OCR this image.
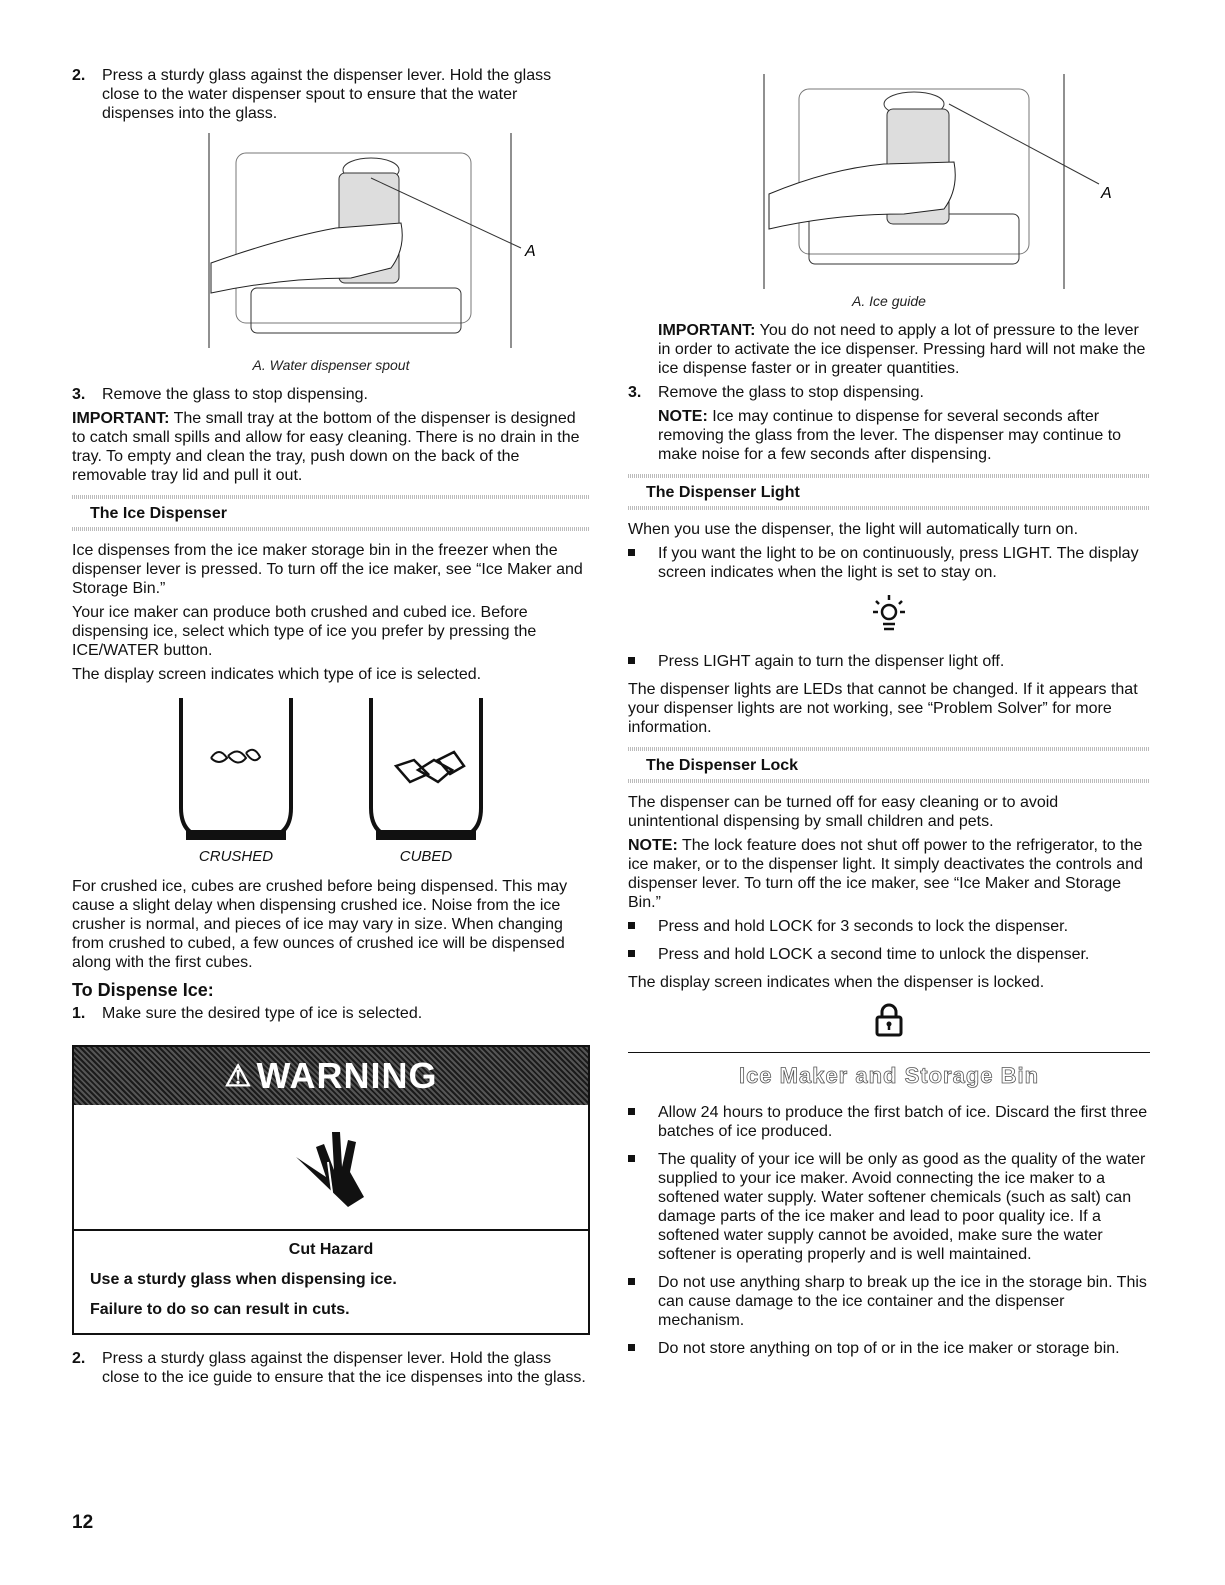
2.	Press a sturdy glass against the dispenser lever. Hold the glass close to the water dispenser spout to ensure that the water dispenses into the glass.
A
A. Water dispenser spout
3.	Remove the glass to stop dispensing.

IMPORTANT: The small tray at the bottom of the dispenser is designed to catch small spills and allow for easy cleaning. There is no drain in the tray. To empty and clean the tray, push down on the back of the removable tray lid and pull it out.

The Ice Dispenser

Ice dispenses from the ice maker storage bin in the freezer when the dispenser lever is pressed. To turn off the ice maker, see “Ice Maker and Storage Bin.”

Your ice maker can produce both crushed and cubed ice. Before dispensing ice, select which type of ice you prefer by pressing the ICE/WATER button.

The display screen indicates which type of ice is selected.

CRUSHED	CUBED

For crushed ice, cubes are crushed before being dispensed. This may cause a slight delay when dispensing crushed ice. Noise from the ice crusher is normal, and pieces of ice may vary in size. When changing from crushed to cubed, a few ounces of crushed ice will be dispensed along with the first cubes.

To Dispense Ice:
1.	Make sure the desired type of ice is selected.
⚠ WARNING
Cut Hazard
Use a sturdy glass when dispensing ice.
Failure to do so can result in cuts.
2.	Press a sturdy glass against the dispenser lever. Hold the glass close to the ice guide to ensure that the ice dispenses into the glass.
A
A. Ice guide

IMPORTANT: You do not need to apply a lot of pressure to the lever in order to activate the ice dispenser. Pressing hard will not make the ice dispense faster or in greater quantities.

3.	Remove the glass to stop dispensing.

NOTE: Ice may continue to dispense for several seconds after removing the glass from the lever. The dispenser may continue to make noise for a few seconds after dispensing.

The Dispenser Light

When you use the dispenser, the light will automatically turn on.

If you want the light to be on continuously, press LIGHT. The display screen indicates when the light is set to stay on.
Press LIGHT again to turn the dispenser light off.

The dispenser lights are LEDs that cannot be changed. If it appears that your dispenser lights are not working, see “Problem Solver” for more information.

The Dispenser Lock

The dispenser can be turned off for easy cleaning or to avoid unintentional dispensing by small children and pets.

NOTE: The lock feature does not shut off power to the refrigerator, to the ice maker, or to the dispenser light. It simply deactivates the controls and dispenser lever. To turn off the ice maker, see “Ice Maker and Storage Bin.”

Press and hold LOCK for 3 seconds to lock the dispenser.
Press and hold LOCK a second time to unlock the dispenser.

The display screen indicates when the dispenser is locked.

Ice Maker and Storage Bin
Allow 24 hours to produce the first batch of ice. Discard the first three batches of ice produced.
The quality of your ice will be only as good as the quality of the water supplied to your ice maker. Avoid connecting the ice maker to a softened water supply. Water softener chemicals (such as salt) can damage parts of the ice maker and lead to poor quality ice. If a softened water supply cannot be avoided, make sure the water softener is operating properly and is well maintained.
Do not use anything sharp to break up the ice in the storage bin. This can cause damage to the ice container and the dispenser mechanism.
Do not store anything on top of or in the ice maker or storage bin.
12
